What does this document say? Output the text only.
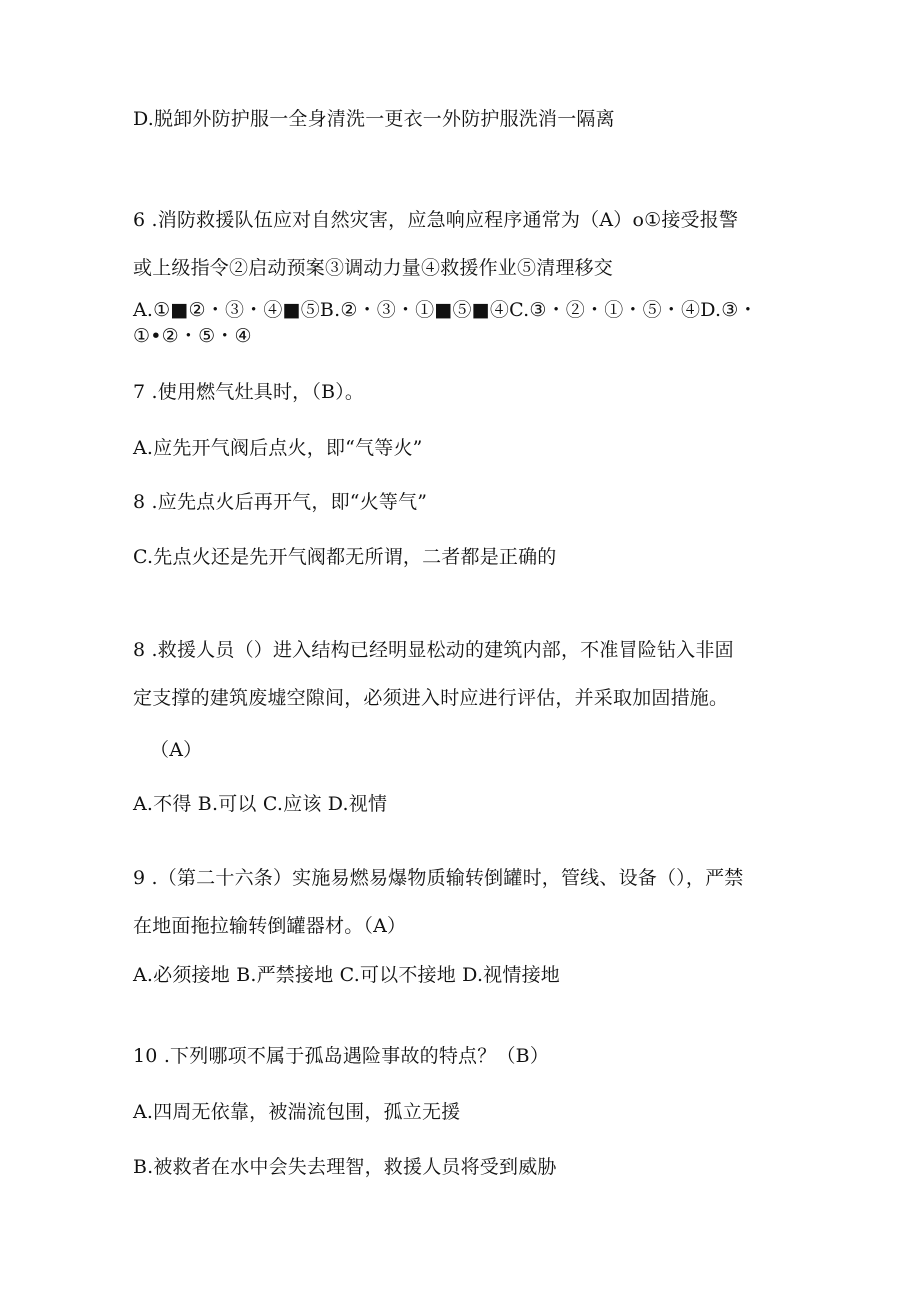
D.脱卸外防护服一全身清洗一更衣一外防护服洗消一隔离
6 .消防救援队伍应对自然灾害，应急响应程序通常为（A）o①接受报警
或上级指令②启动预案③调动力量④救援作业⑤清理移交
A.①■②・③・④■⑤B.②・③・①■⑤■④C.③・②・①・⑤・④D.③・
①•②・⑤・④
7 .使用燃气灶具时，（B）。
A.应先开气阀后点火，即“气等火”
8 .应先点火后再开气，即“火等气”
C.先点火还是先开气阀都无所谓，二者都是正确的
8 .救援人员（）进入结构已经明显松动的建筑内部，不准冒险钻入非固
定支撑的建筑废墟空隙间，必须进入时应进行评估，并采取加固措施。
（A）
A.不得 B.可以 C.应该 D.视情
9 .（第二十六条）实施易燃易爆物质输转倒罐时，管线、设备（），严禁
在地面拖拉输转倒罐器材。（A）
A.必须接地 B.严禁接地 C.可以不接地 D.视情接地
10 .下列哪项不属于孤岛遇险事故的特点？（B）
A.四周无依靠，被湍流包围，孤立无援
B.被救者在水中会失去理智，救援人员将受到威胁
